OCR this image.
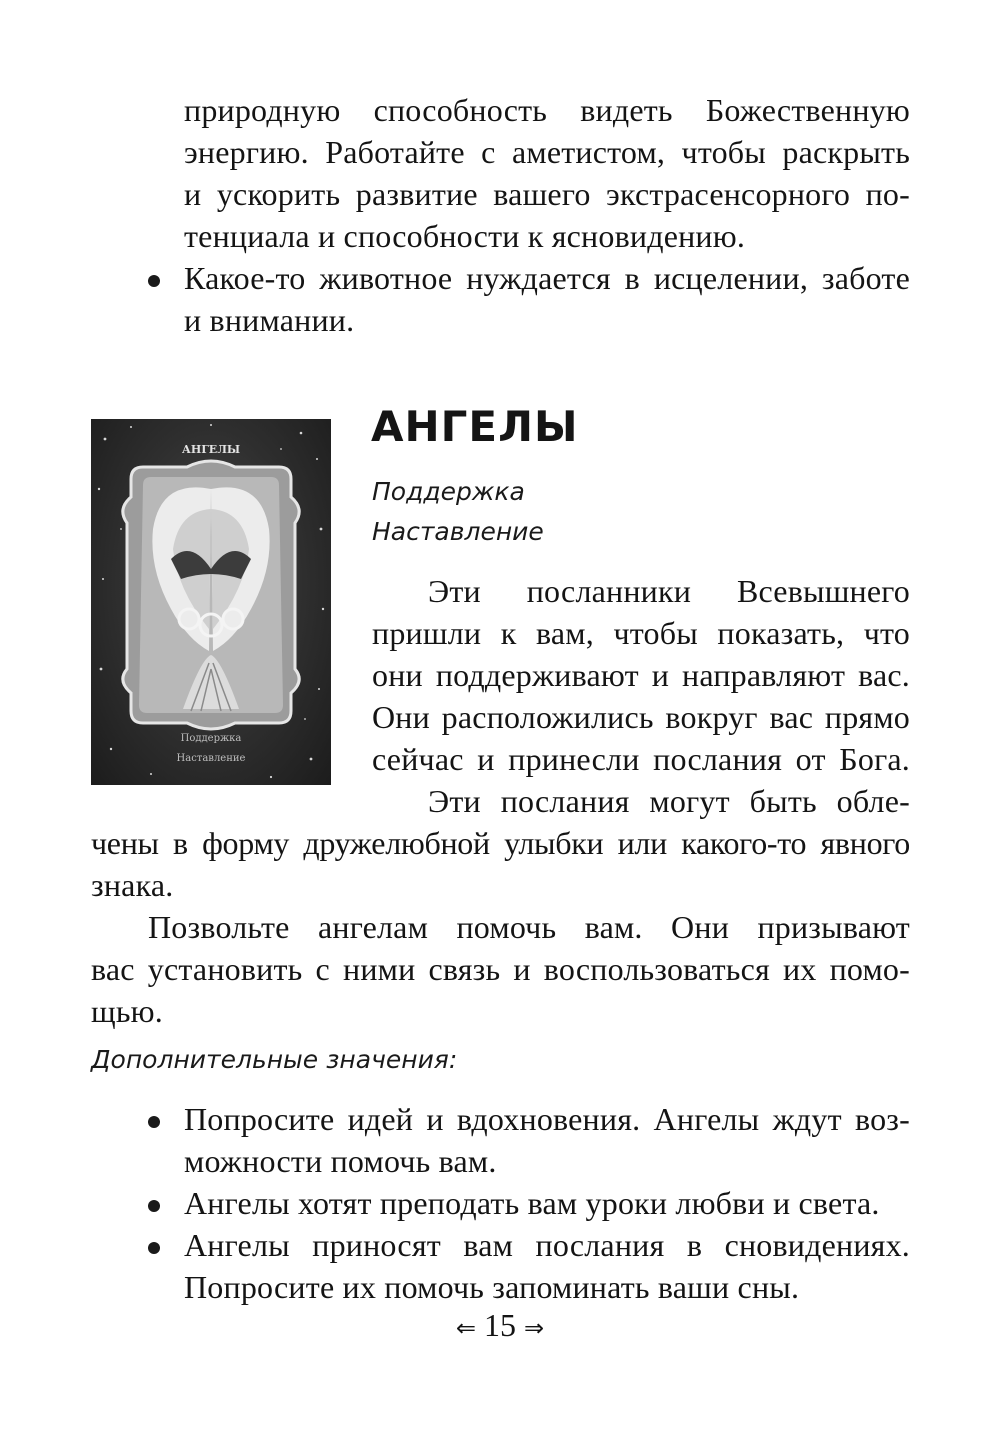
природную способность видеть Божественную
энергию. Работайте с аметистом, чтобы раскрыть
и ускорить развитие вашего экстрасенсорного по-
тенциала и способности к ясновидению.
Какое-то животное нуждается в исцелении, заботе
и внимании.
АНГЕЛЫ
Поддержка
Наставление
АНГЕЛЫ
Поддержка
Наставление
Эти посланники Всевышнего
пришли к вам, чтобы показать, что
они поддерживают и направляют вас.
Они расположились вокруг вас прямо
сейчас и принесли послания от Бога.
Эти послания могут быть обле-
чены в форму дружелюбной улыбки или какого-то явного
знака.
Позвольте ангелам помочь вам. Они призывают
вас установить с ними связь и воспользоваться их помо-
щью.
Дополнительные значения:
Попросите идей и вдохновения. Ангелы ждут воз-
можности помочь вам.
Ангелы хотят преподать вам уроки любви и света.
Ангелы приносят вам послания в сновидениях.
Попросите их помочь запоминать ваши сны.
⇐ 15 ⇒
